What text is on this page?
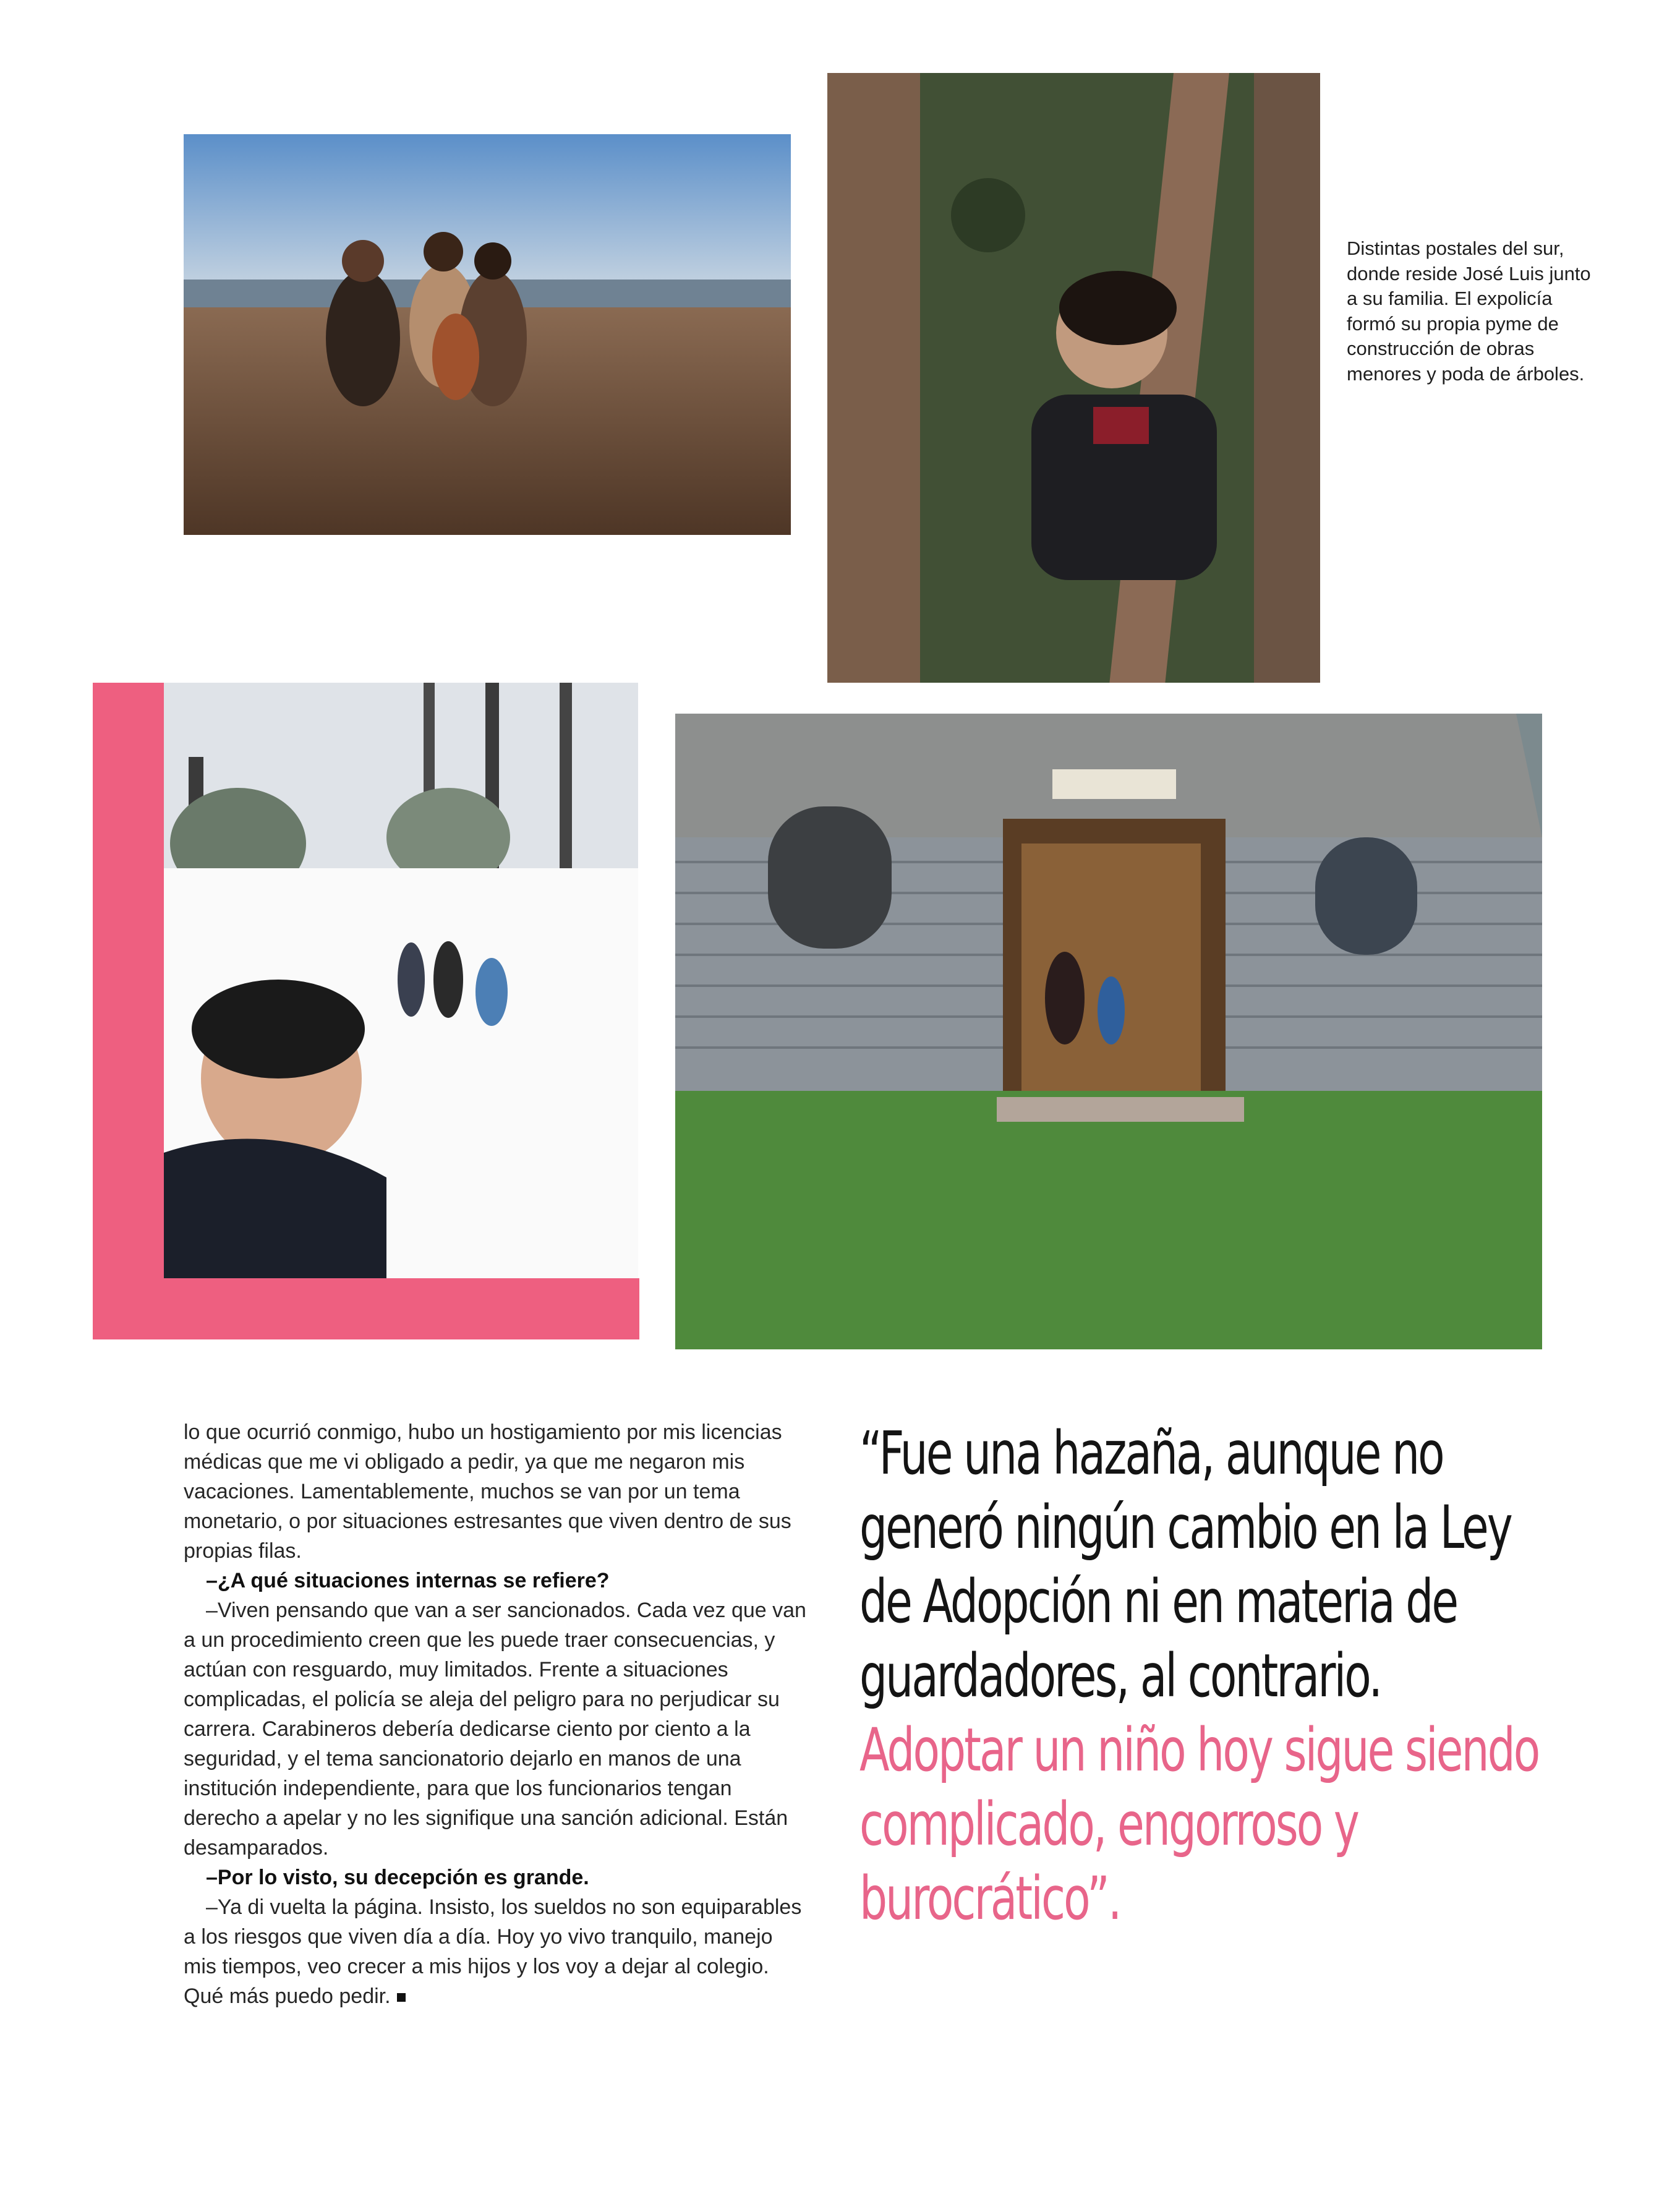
Distintas postales del sur, donde reside José Luis junto a su familia. El expolicía formó su propia pyme de construcción de obras menores y poda de árboles.

lo que ocurrió conmigo, hubo un hostigamiento por mis licencias médicas que me vi obligado a pedir, ya que me negaron mis vacaciones. Lamentablemente, muchos se van por un tema monetario, o por situaciones estresantes que viven dentro de sus propias filas.

–¿A qué situaciones internas se refiere?

–Viven pensando que van a ser sancionados. Cada vez que van a un procedimiento creen que les puede traer consecuencias, y actúan con resguardo, muy limitados. Frente a situaciones complicadas, el policía se aleja del peligro para no perjudicar su carrera. Carabineros debería dedicarse ciento por ciento a la seguridad, y el tema sancionatorio dejarlo en manos de una institución independiente, para que los funcionarios tengan derecho a apelar y no les signifique una sanción adicional. Están desamparados.

–Por lo visto, su decepción es grande.

–Ya di vuelta la página. Insisto, los sueldos no son equiparables a los riesgos que viven día a día. Hoy yo vivo tranquilo, manejo mis tiempos, veo crecer a mis hijos y los voy a dejar al colegio. Qué más puedo pedir.

“Fue una hazaña, aunque no generó ningún cambio en la Ley de Adopción ni en materia de guardadores, al contrario. Adoptar un niño hoy sigue siendo complicado, engorroso y burocrático”.
